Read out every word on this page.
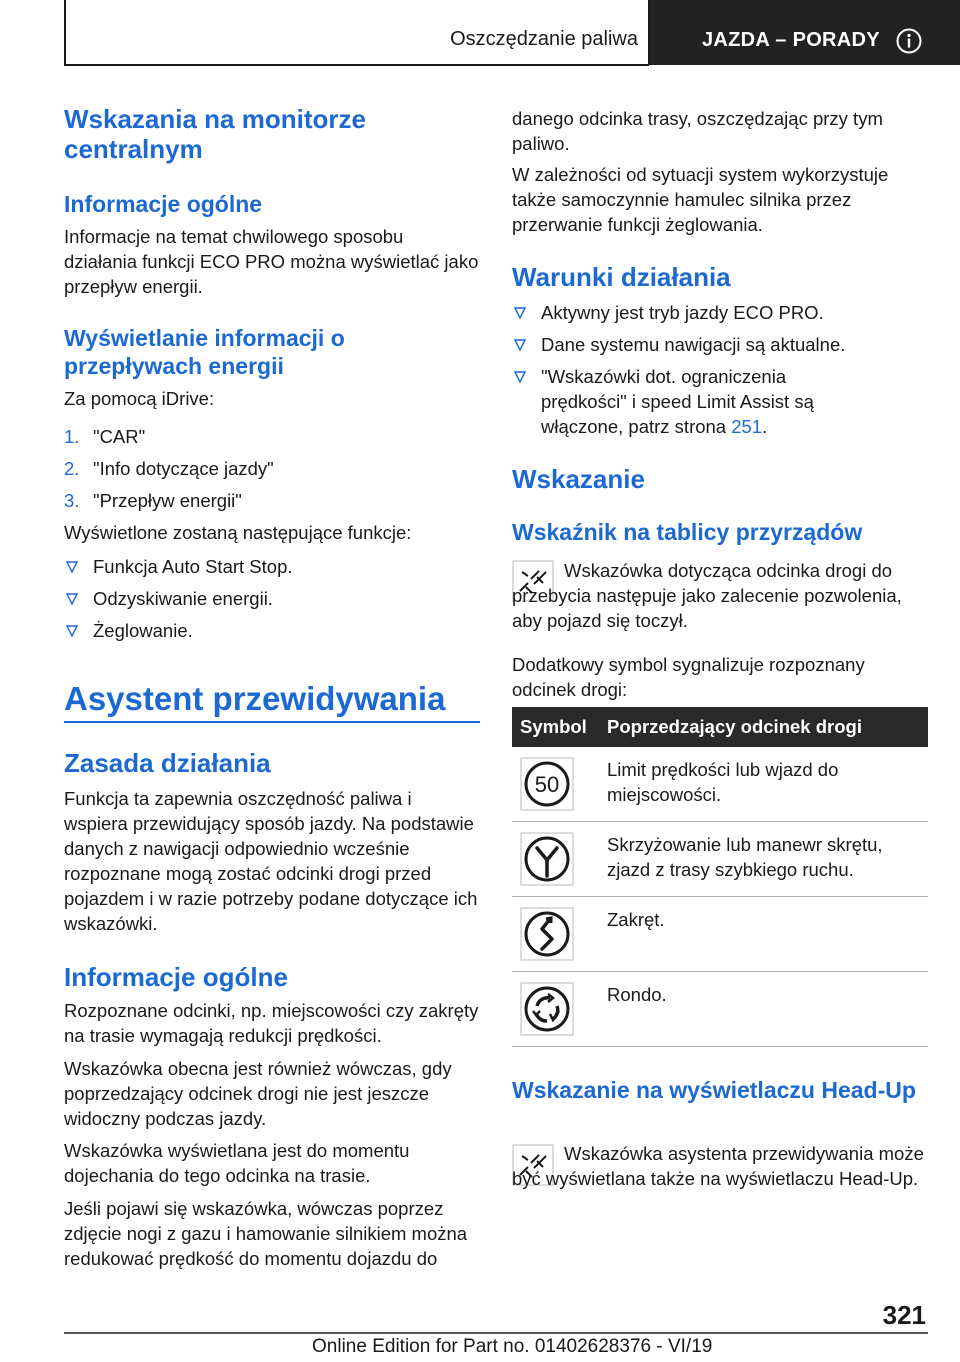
Oszczędzanie paliwa	JAZDA – PORADY
Wskazania na monitorze centralnym
Informacje ogólne
Informacje na temat chwilowego sposobu działania funkcji ECO PRO można wyświetlać jako przepływ energii.
Wyświetlanie informacji o przepływach energii
Za pomocą iDrive:
1. "CAR"
2. "Info dotyczące jazdy"
3. "Przepływ energii"
Wyświetlone zostaną następujące funkcje:
Funkcja Auto Start Stop.
Odzyskiwanie energii.
Żeglowanie.
Asystent przewidywania
Zasada działania
Funkcja ta zapewnia oszczędność paliwa i wspiera przewidujący sposób jazdy. Na podstawie danych z nawigacji odpowiednio wcześnie rozpoznane mogą zostać odcinki drogi przed pojazdem i w razie potrzeby podane dotyczące ich wskazówki.
Informacje ogólne
Rozpoznane odcinki, np. miejscowości czy zakręty na trasie wymagają redukcji prędkości.
Wskazówka obecna jest również wówczas, gdy poprzedzający odcinek drogi nie jest jeszcze widoczny podczas jazdy.
Wskazówka wyświetlana jest do momentu dojechania do tego odcinka na trasie.
Jeśli pojawi się wskazówka, wówczas poprzez zdjęcie nogi z gazu i hamowanie silnikiem można redukować prędkość do momentu dojazdu do
danego odcinka trasy, oszczędzając przy tym paliwo.
W zależności od sytuacji system wykorzystuje także samoczynnie hamulec silnika przez przerwanie funkcji żeglowania.
Warunki działania
Aktywny jest tryb jazdy ECO PRO.
Dane systemu nawigacji są aktualne.
"Wskazówki dot. ograniczenia prędkości" i speed Limit Assist są włączone, patrz strona 251.
Wskazanie
Wskaźnik na tablicy przyrządów
Wskazówka dotycząca odcinka drogi do przebycia następuje jako zalecenie pozwolenia, aby pojazd się toczył.
Dodatkowy symbol sygnalizuje rozpoznany odcinek drogi:
Symbol Poprzedzający odcinek drogi
50
Limit prędkości lub wjazd do miejscowości.
Skrzyżowanie lub manewr skrętu, zjazd z trasy szybkiego ruchu.
Zakręt.
Rondo.
Wskazanie na wyświetlaczu Head-Up
Wskazówka asystenta przewidywania może być wyświetlana także na wyświetlaczu Head-Up.
321
Online Edition for Part no. 01402628376 - VI/19
